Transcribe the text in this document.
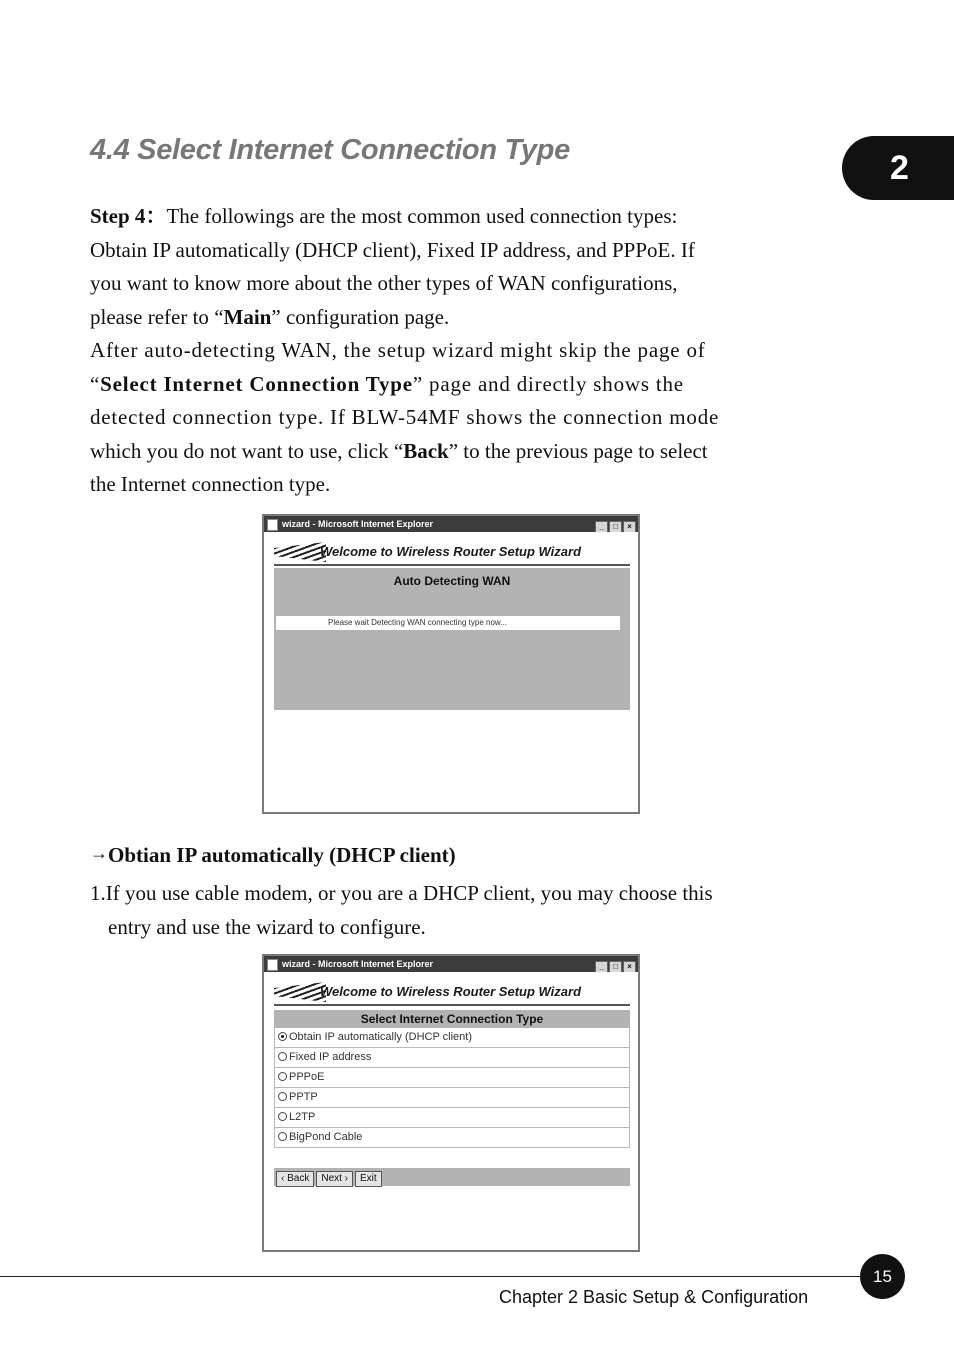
4.4 Select Internet Connection Type	2
Step 4：The followings are the most common used connection types:
Obtain IP automatically (DHCP client), Fixed IP address, and PPPoE. If
you want to know more about the other types of WAN configurations,
please refer to “Main” configuration page.
After auto-detecting WAN, the setup wizard might skip the page of
“Select Internet Connection Type” page and directly shows the
detected connection type. If BLW-54MF shows the connection mode
which you do not want to use, click “Back” to the previous page to select
the Internet connection type.
wizard - Microsoft Internet Explorer	_ □ ×
Welcome to Wireless Router Setup Wizard
Auto Detecting WAN
Please wait Detecting WAN connecting type now...
→Obtian IP automatically (DHCP client)
1.If you use cable modem, or you are a DHCP client, you may choose this
entry and use the wizard to configure.
wizard - Microsoft Internet Explorer	_ □ ×
Welcome to Wireless Router Setup Wizard
Select Internet Connection Type
Obtain IP automatically (DHCP client)
Fixed IP address
PPPoE
PPTP
L2TP
BigPond Cable
‹ Back Next › Exit
15
Chapter 2 Basic Setup & Configuration
